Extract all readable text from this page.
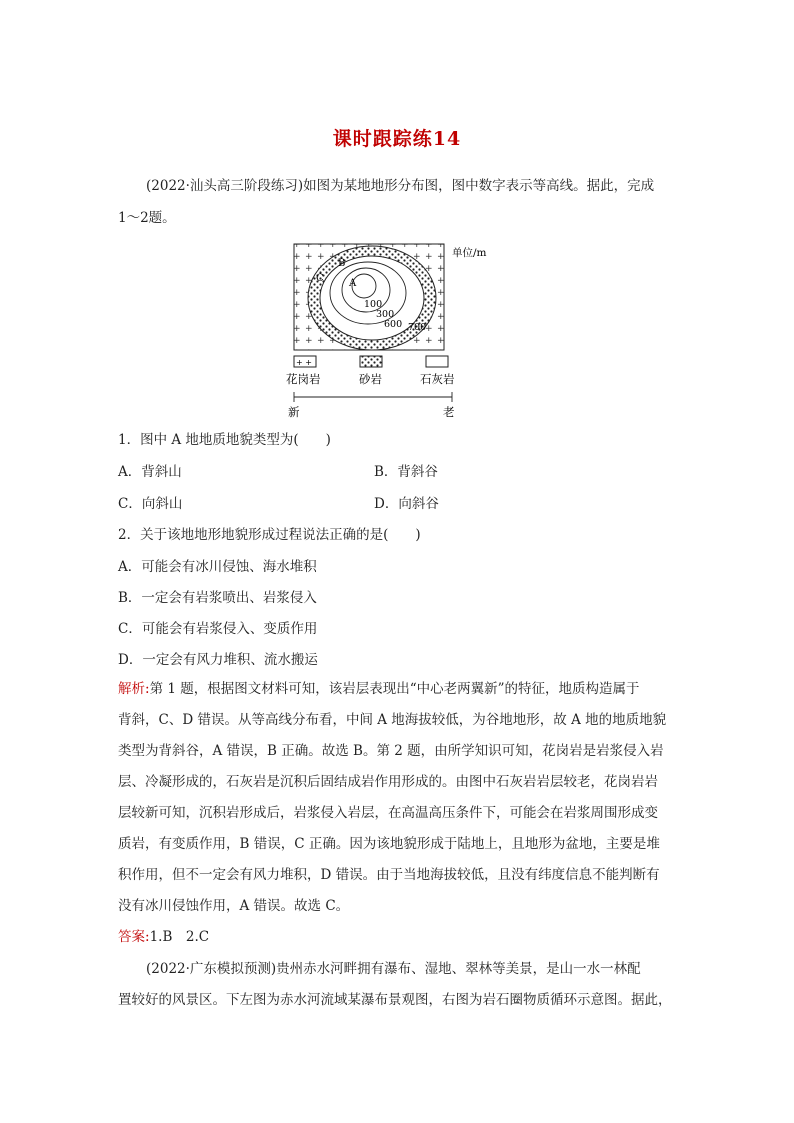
课时跟踪练14
(2022·汕头高三阶段练习)如图为某地地形分布图，图中数字表示等高线。据此，完成
1～2题。
A
B
C
100
300
600 700
单位/m
+ +
花岗岩	砂岩	石灰岩
新	老
1．图中 A 地地质地貌类型为(　　)
A．背斜山	B．背斜谷
C．向斜山	D．向斜谷
2．关于该地地形地貌形成过程说法正确的是(　　)
A．可能会有冰川侵蚀、海水堆积
B．一定会有岩浆喷出、岩浆侵入
C．可能会有岩浆侵入、变质作用
D．一定会有风力堆积、流水搬运
解析:第 1 题，根据图文材料可知，该岩层表现出“中心老两翼新”的特征，地质构造属于
背斜，C、D 错误。从等高线分布看，中间 A 地海拔较低，为谷地地形，故 A 地的地质地貌
类型为背斜谷，A 错误，B 正确。故选 B。第 2 题，由所学知识可知，花岗岩是岩浆侵入岩
层、冷凝形成的，石灰岩是沉积后固结成岩作用形成的。由图中石灰岩岩层较老，花岗岩岩
层较新可知，沉积岩形成后，岩浆侵入岩层，在高温高压条件下，可能会在岩浆周围形成变
质岩，有变质作用，B 错误，C 正确。因为该地貌形成于陆地上，且地形为盆地，主要是堆
积作用，但不一定会有风力堆积，D 错误。由于当地海拔较低，且没有纬度信息不能判断有
没有冰川侵蚀作用，A 错误。故选 C。
答案:1.B　2.C
(2022·广东模拟预测)贵州赤水河畔拥有瀑布、湿地、翠林等美景，是山一水一林配
置较好的风景区。下左图为赤水河流域某瀑布景观图，右图为岩石圈物质循环示意图。据此，
